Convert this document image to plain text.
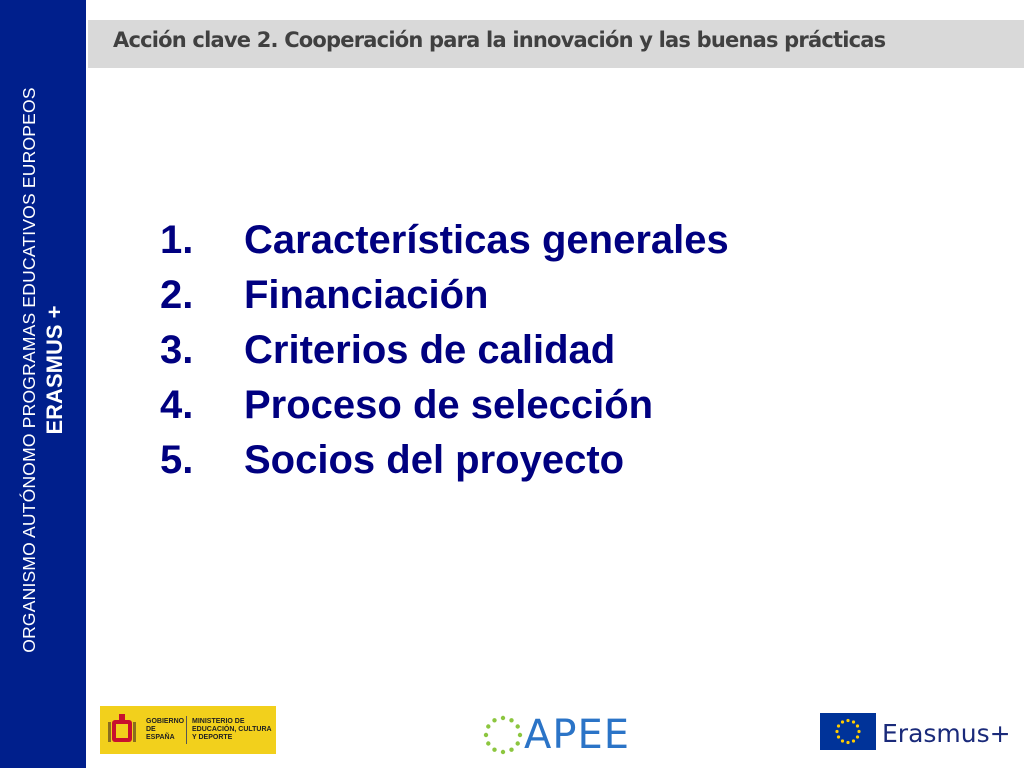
ORGANISMO AUTÓNOMO PROGRAMAS EDUCATIVOS EUROPEOS ERASMUS +
Acción clave 2. Cooperación para la innovación y las buenas prácticas
1.	Características generales
2.	Financiación
3.	Criterios de calidad
4.	Proceso de selección
5.	Socios del proyecto
GOBIERNO DE ESPAÑA
MINISTERIO DE EDUCACIÓN, CULTURA Y DEPORTE	APEE	Erasmus+
